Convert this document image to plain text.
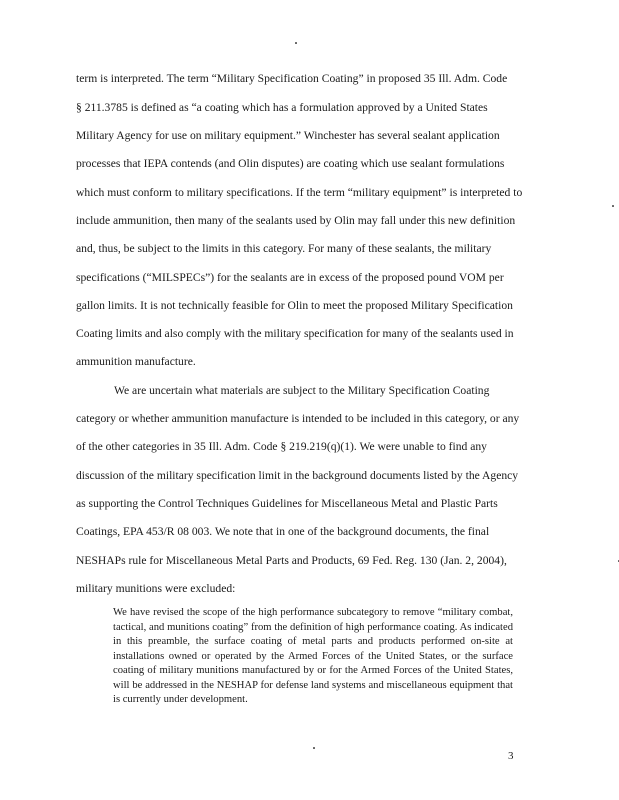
term is interpreted. The term “Military Specification Coating” in proposed 35 Ill. Adm. Code
§ 211.3785 is defined as “a coating which has a formulation approved by a United States
Military Agency for use on military equipment.” Winchester has several sealant application
processes that IEPA contends (and Olin disputes) are coating which use sealant formulations
which must conform to military specifications. If the term “military equipment” is interpreted to
include ammunition, then many of the sealants used by Olin may fall under this new definition
and, thus, be subject to the limits in this category. For many of these sealants, the military
specifications (“MILSPECs”) for the sealants are in excess of the proposed pound VOM per
gallon limits. It is not technically feasible for Olin to meet the proposed Military Specification
Coating limits and also comply with the military specification for many of the sealants used in
ammunition manufacture.
We are uncertain what materials are subject to the Military Specification Coating
category or whether ammunition manufacture is intended to be included in this category, or any
of the other categories in 35 Ill. Adm. Code § 219.219(q)(1). We were unable to find any
discussion of the military specification limit in the background documents listed by the Agency
as supporting the Control Techniques Guidelines for Miscellaneous Metal and Plastic Parts
Coatings, EPA 453/R 08 003. We note that in one of the background documents, the final
NESHAPs rule for Miscellaneous Metal Parts and Products, 69 Fed. Reg. 130 (Jan. 2, 2004),
military munitions were excluded:
We have revised the scope of the high performance subcategory to remove “military combat, tactical, and munitions coating” from the definition of high performance coating. As indicated in this preamble, the surface coating of metal parts and products performed on-site at installations owned or operated by the Armed Forces of the United States, or the surface coating of military munitions manufactured by or for the Armed Forces of the United States, will be addressed in the NESHAP for defense land systems and miscellaneous equipment that is currently under development.
3
